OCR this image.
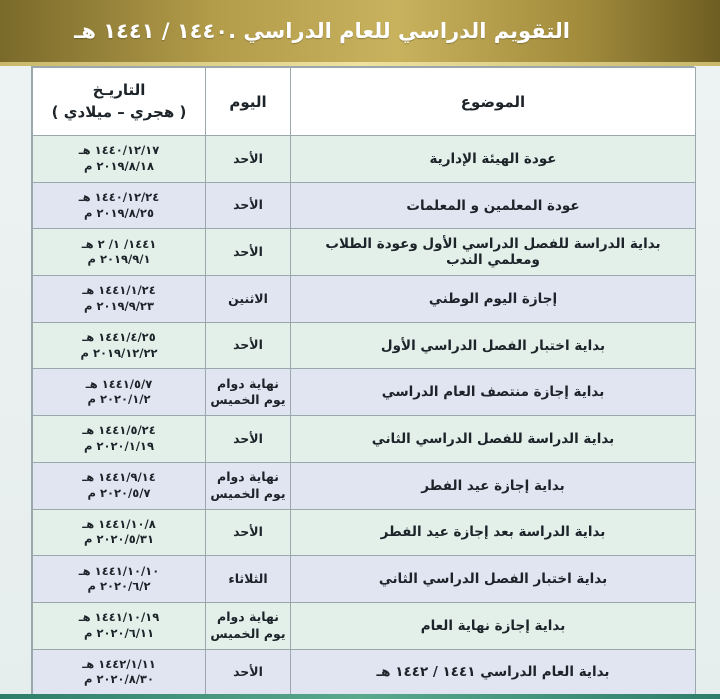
التقويم الدراسي للعام الدراسي .١٤٤٠ / ١٤٤١ هـ
الموضوع	اليوم	التاريـخ
( هجري – ميلادي )

عودة الهيئة الإدارية	الأحد	١٤٤٠/١٢/١٧ هـ
٢٠١٩/٨/١٨ م

عودة المعلمين و المعلمات	الأحد	١٤٤٠/١٢/٢٤ هـ
٢٠١٩/٨/٢٥ م

بداية الدراسة للفصل الدراسي الأول وعودة الطلاب ومعلمي الندب	الأحد	١٤٤١/ ١/ ٢ هـ
٢٠١٩/٩/١ م

إجازة اليوم الوطني	الاثنين	١٤٤١/١/٢٤ هـ
٢٠١٩/٩/٢٣ م

بداية اختبار الفصل الدراسي الأول	الأحد	١٤٤١/٤/٢٥ هـ
٢٠١٩/١٢/٢٢ م

بداية إجازة منتصف العام الدراسي	نهاية دوام يوم الخميس	١٤٤١/٥/٧ هـ
٢٠٢٠/١/٢ م

بداية الدراسة للفصل الدراسي الثاني	الأحد	١٤٤١/٥/٢٤ هـ
٢٠٢٠/١/١٩ م

بداية إجازة عيد الفطر	نهاية دوام يوم الخميس	١٤٤١/٩/١٤ هـ
٢٠٢٠/٥/٧ م

بداية الدراسة بعد إجازة عيد الفطر	الأحد	١٤٤١/١٠/٨ هـ
٢٠٢٠/٥/٣١ م

بداية اختبار الفصل الدراسي الثاني	الثلاثاء	١٤٤١/١٠/١٠ هـ
٢٠٢٠/٦/٢ م

بداية إجازة نهاية العام	نهاية دوام يوم الخميس	١٤٤١/١٠/١٩ هـ
٢٠٢٠/٦/١١ م

بداية العام الدراسي ١٤٤١ / ١٤٤٢ هـ	الأحد	١٤٤٢/١/١١ هـ
٢٠٢٠/٨/٣٠ م
